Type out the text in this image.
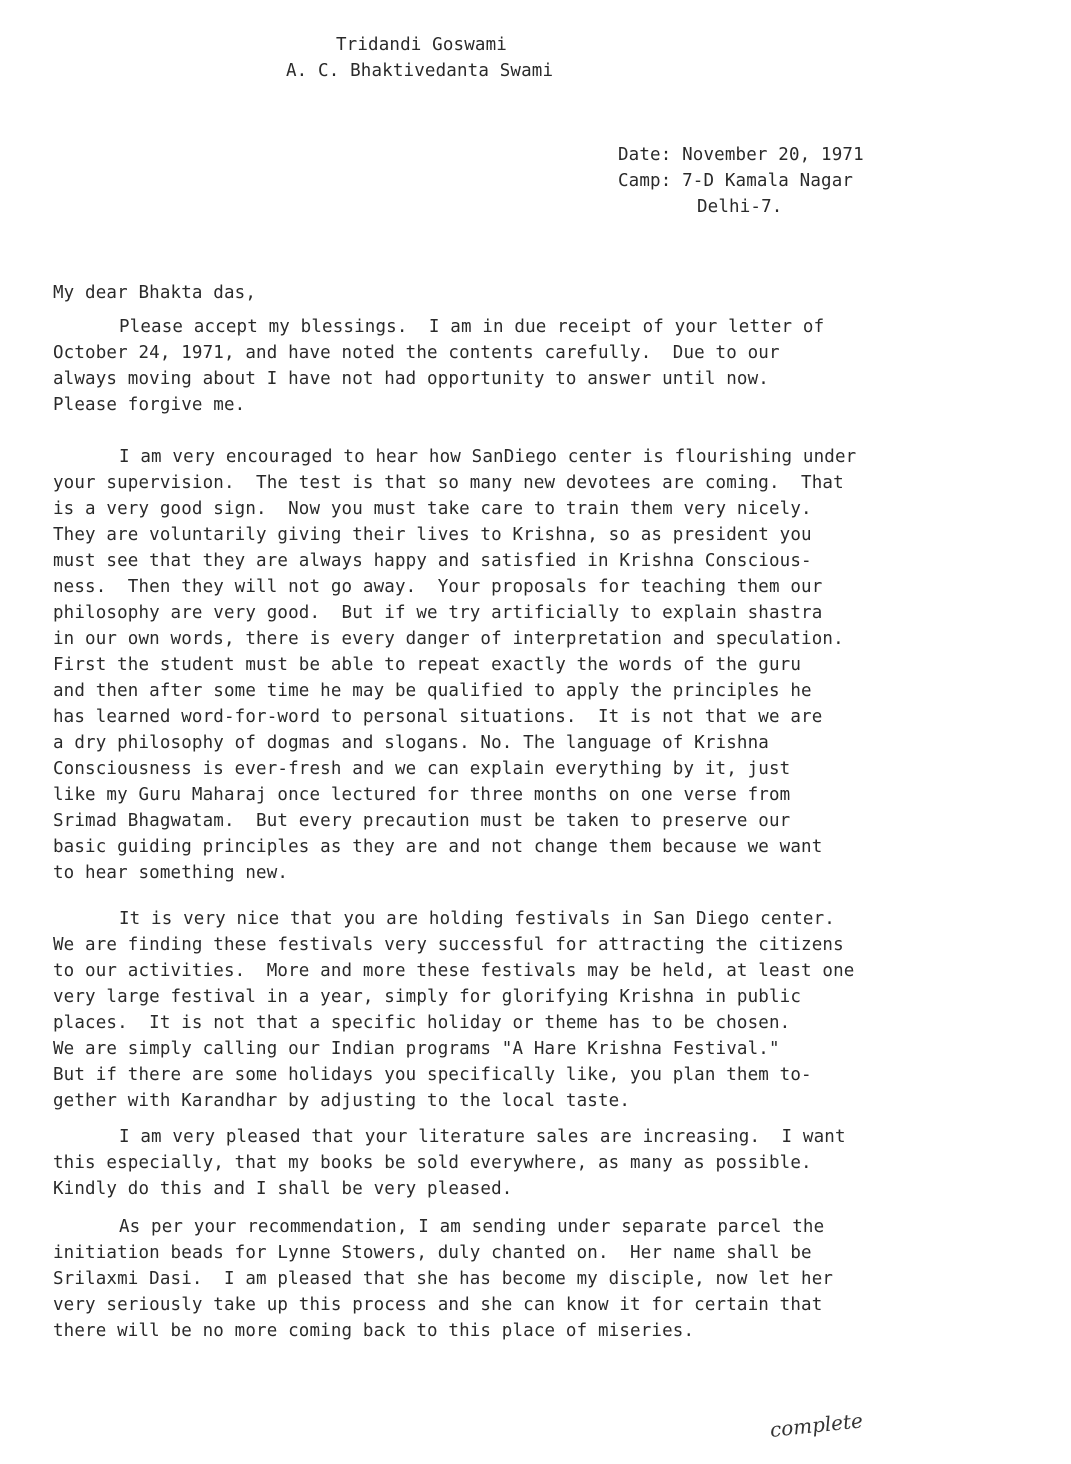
Tridandi Goswami
A. C. Bhaktivedanta Swami
Date: November 20, 1971
Camp: 7-D Kamala Nagar
Delhi-7.
My dear Bhakta das,
Please accept my blessings.  I am in due receipt of your letter of
October 24, 1971, and have noted the contents carefully.  Due to our
always moving about I have not had opportunity to answer until now.
Please forgive me.
I am very encouraged to hear how SanDiego center is flourishing under
your supervision.  The test is that so many new devotees are coming.  That
is a very good sign.  Now you must take care to train them very nicely.
They are voluntarily giving their lives to Krishna, so as president you
must see that they are always happy and satisfied in Krishna Conscious-
ness.  Then they will not go away.  Your proposals for teaching them our
philosophy are very good.  But if we try artificially to explain shastra
in our own words, there is every danger of interpretation and speculation.
First the student must be able to repeat exactly the words of the guru
and then after some time he may be qualified to apply the principles he
has learned word-for-word to personal situations.  It is not that we are
a dry philosophy of dogmas and slogans. No. The language of Krishna
Consciousness is ever-fresh and we can explain everything by it, just
like my Guru Maharaj once lectured for three months on one verse from
Srimad Bhagwatam.  But every precaution must be taken to preserve our
basic guiding principles as they are and not change them because we want
to hear something new.
It is very nice that you are holding festivals in San Diego center.
We are finding these festivals very successful for attracting the citizens
to our activities.  More and more these festivals may be held, at least one
very large festival in a year, simply for glorifying Krishna in public
places.  It is not that a specific holiday or theme has to be chosen.
We are simply calling our Indian programs "A Hare Krishna Festival."
But if there are some holidays you specifically like, you plan them to-
gether with Karandhar by adjusting to the local taste.
I am very pleased that your literature sales are increasing.  I want
this especially, that my books be sold everywhere, as many as possible.
Kindly do this and I shall be very pleased.
As per your recommendation, I am sending under separate parcel the
initiation beads for Lynne Stowers, duly chanted on.  Her name shall be
Srilaxmi Dasi.  I am pleased that she has become my disciple, now let her
very seriously take up this process and she can know it for certain that
there will be no more coming back to this place of miseries.
complete
